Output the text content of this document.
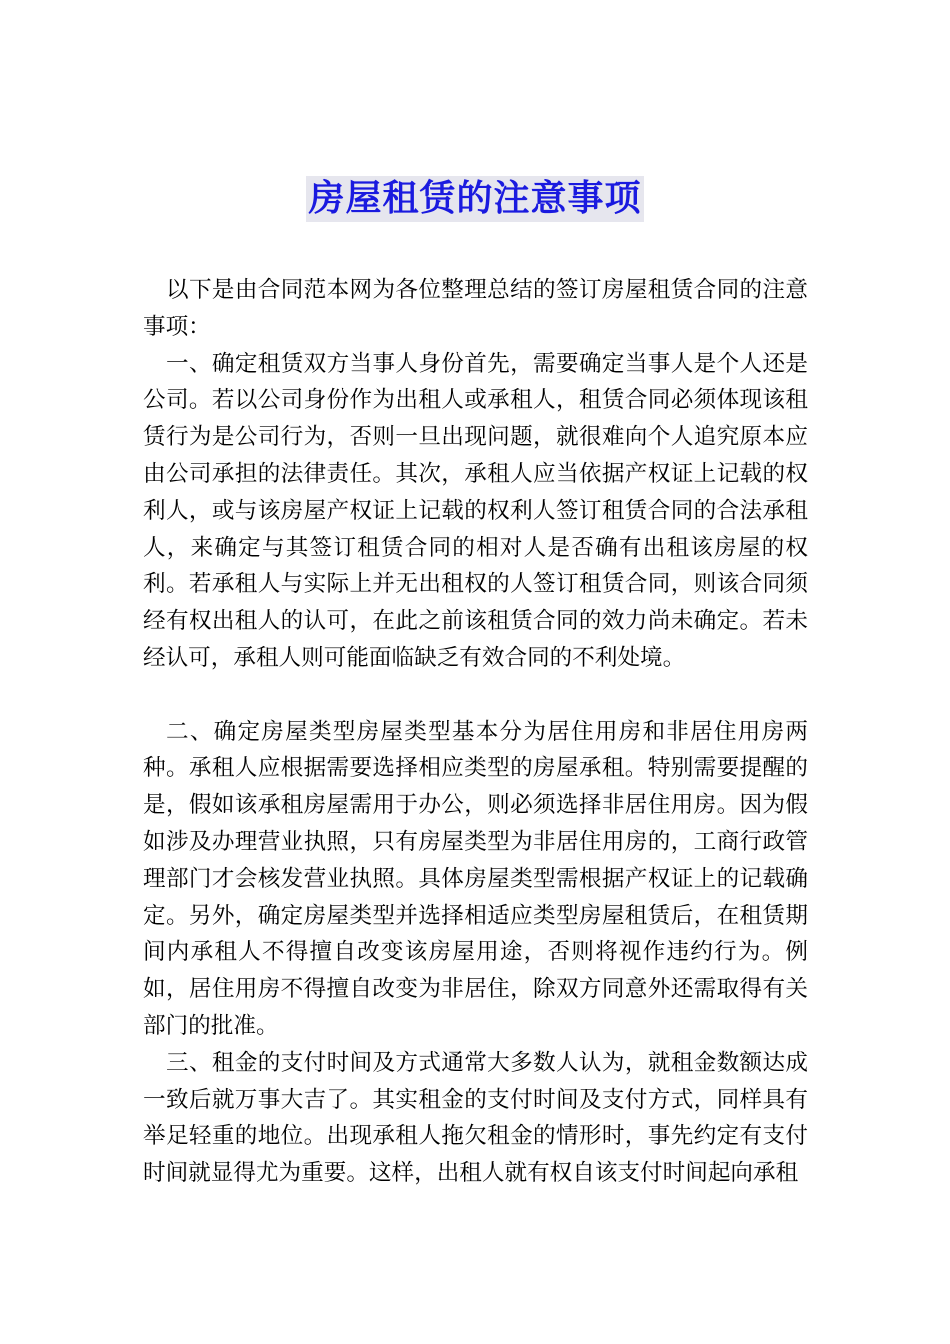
房屋租赁的注意事项

以下是由合同范本网为各位整理总结的签订房屋租赁合同的注意事项：

一、确定租赁双方当事人身份首先，需要确定当事人是个人还是公司。若以公司身份作为出租人或承租人，租赁合同必须体现该租赁行为是公司行为，否则一旦出现问题，就很难向个人追究原本应由公司承担的法律责任。其次，承租人应当依据产权证上记载的权利人，或与该房屋产权证上记载的权利人签订租赁合同的合法承租人，来确定与其签订租赁合同的相对人是否确有出租该房屋的权利。若承租人与实际上并无出租权的人签订租赁合同，则该合同须经有权出租人的认可，在此之前该租赁合同的效力尚未确定。若未经认可，承租人则可能面临缺乏有效合同的不利处境。

二、确定房屋类型房屋类型基本分为居住用房和非居住用房两种。承租人应根据需要选择相应类型的房屋承租。特别需要提醒的是，假如该承租房屋需用于办公，则必须选择非居住用房。因为假如涉及办理营业执照，只有房屋类型为非居住用房的，工商行政管理部门才会核发营业执照。具体房屋类型需根据产权证上的记载确定。另外，确定房屋类型并选择相适应类型房屋租赁后，在租赁期间内承租人不得擅自改变该房屋用途，否则将视作违约行为。例如，居住用房不得擅自改变为非居住，除双方同意外还需取得有关部门的批准。

三、租金的支付时间及方式通常大多数人认为，就租金数额达成一致后就万事大吉了。其实租金的支付时间及支付方式，同样具有举足轻重的地位。出现承租人拖欠租金的情形时，事先约定有支付时间就显得尤为重要。这样，出租人就有权自该支付时间起向承租
